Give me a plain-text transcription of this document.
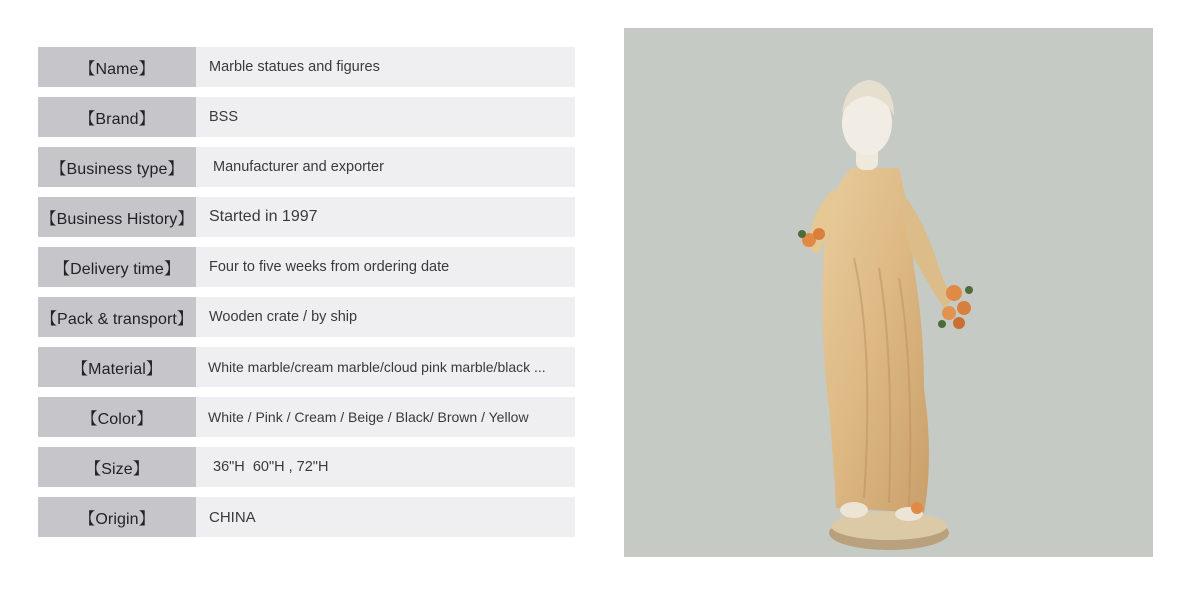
【Name】	Marble statues and figures
【Brand】	BSS
【Business type】	Manufacturer and exporter
【Business History】 Started in 1997
【Delivery time】	Four to five weeks from ordering date
【Pack & transport】	Wooden crate / by ship
【Material】	White marble/cream marble/cloud pink marble/black ...
【Color】	White / Pink / Cream / Beige / Black/ Brown / Yellow
【Size】	36"H  60"H , 72"H
【Origin】	CHINA
